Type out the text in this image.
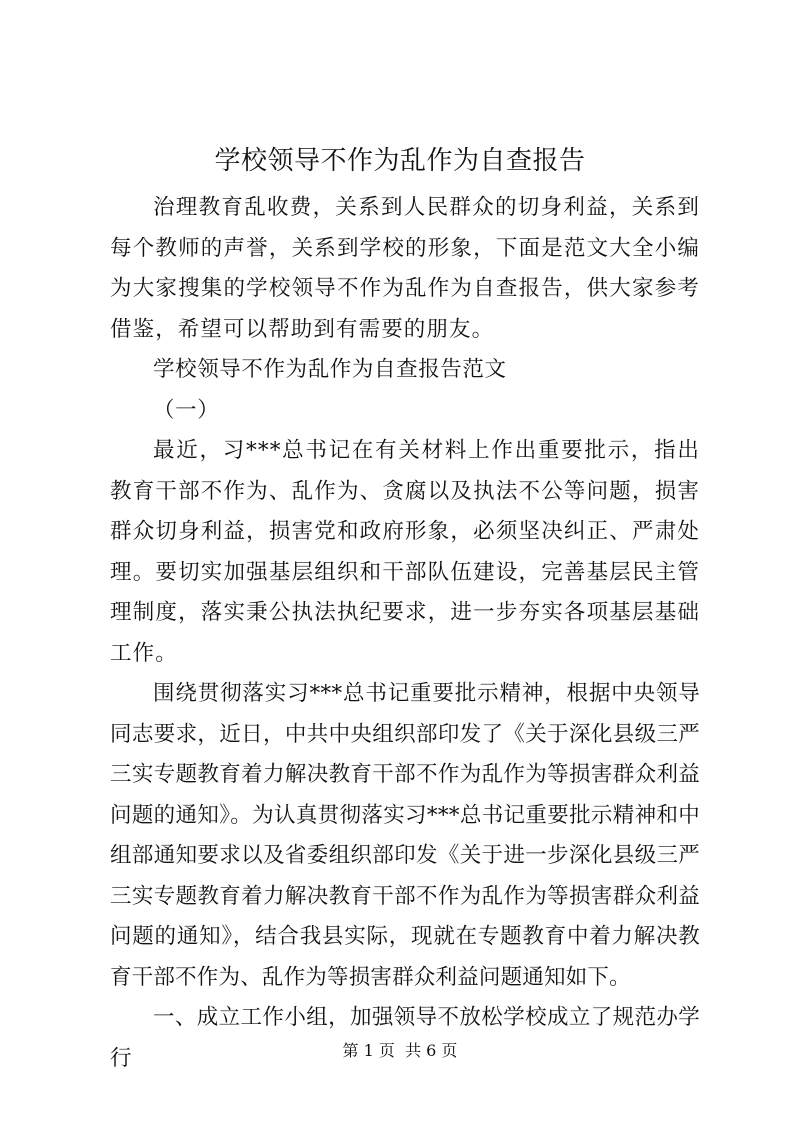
学校领导不作为乱作为自查报告

治理教育乱收费，关系到人民群众的切身利益，关系到每个教师的声誉，关系到学校的形象，下面是范文大全小编为大家搜集的学校领导不作为乱作为自查报告，供大家参考借鉴，希望可以帮助到有需要的朋友。

学校领导不作为乱作为自查报告范文

（一）

最近，习***总书记在有关材料上作出重要批示，指出教育干部不作为、乱作为、贪腐以及执法不公等问题，损害群众切身利益，损害党和政府形象，必须坚决纠正、严肃处理。要切实加强基层组织和干部队伍建设，完善基层民主管理制度，落实秉公执法执纪要求，进一步夯实各项基层基础工作。

围绕贯彻落实习***总书记重要批示精神，根据中央领导同志要求，近日，中共中央组织部印发了《关于深化县级三严三实专题教育着力解决教育干部不作为乱作为等损害群众利益问题的通知》。为认真贯彻落实习***总书记重要批示精神和中组部通知要求以及省委组织部印发《关于进一步深化县级三严三实专题教育着力解决教育干部不作为乱作为等损害群众利益问题的通知》，结合我县实际，现就在专题教育中着力解决教育干部不作为、乱作为等损害群众利益问题通知如下。

一、成立工作小组，加强领导不放松学校成立了规范办学行	第 1 页  共 6 页
